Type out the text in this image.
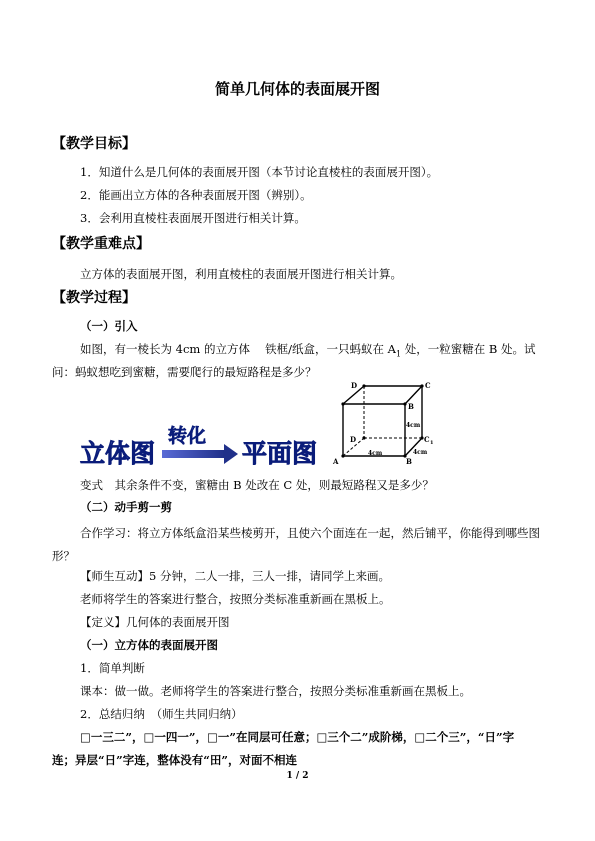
简单几何体的表面展开图
【教学目标】
1．知道什么是几何体的表面展开图（本节讨论直棱柱的表面展开图）。
2．能画出立方体的各种表面展开图（辨别）。
3．会利用直棱柱表面展开图进行相关计算。
【教学重难点】
立方体的表面展开图，利用直棱柱的表面展开图进行相关计算。
【教学过程】
（一）引入
如图，有一棱长为 4cm 的立方体　 铁框/纸盒，一只蚂蚁在 $A_1$ 处，一粒蜜糖在 B 处。试
问：蚂蚁想吃到蜜糖，需要爬行的最短路程是多少？
立体图
转化
平面图
D	C
B
4cm
D	C 1
4cm
A
4cm
B
变式　其余条件不变，蜜糖由 B 处改在 C 处，则最短路程又是多少？
（二）动手剪一剪
合作学习：将立方体纸盒沿某些棱剪开，且使六个面连在一起，然后铺平，你能得到哪些图形？
【师生互动】5 分钟，二人一排，三人一排，请同学上来画。
老师将学生的答案进行整合，按照分类标准重新画在黑板上。
【定义】几何体的表面展开图
（一）立方体的表面展开图
1．简单判断
课本：做一做。老师将学生的答案进行整合，按照分类标准重新画在黑板上。
2．总结归纳　（师生共同归纳）
□一三二”，□一四一”，□一”在同层可任意；□三个二”成阶梯，□二个三”，“日”字
连；异层“日”字连，整体没有“田”，对面不相连
1 / 2
